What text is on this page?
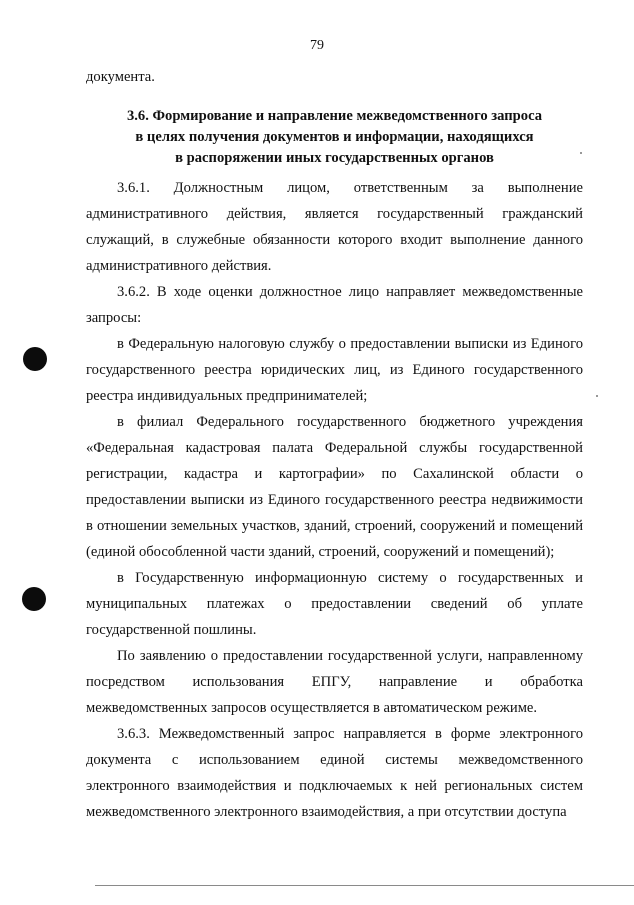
79

документа.

3.6. Формирование и направление межведомственного запроса
в целях получения документов и информации, находящихся
в распоряжении иных государственных органов

3.6.1. Должностным лицом, ответственным за выполнение административного действия, является государственный гражданский служащий, в служебные обязанности которого входит выполнение данного административного действия.

3.6.2. В ходе оценки должностное лицо направляет межведомственные запросы:

в Федеральную налоговую службу о предоставлении выписки из Единого государственного реестра юридических лиц, из Единого государственного реестра индивидуальных предпринимателей;

в филиал Федерального государственного бюджетного учреждения «Федеральная кадастровая палата Федеральной службы государственной регистрации, кадастра и картографии» по Сахалинской области о предоставлении выписки из Единого государственного реестра недвижимости в отношении земельных участков, зданий, строений, сооружений и помещений (единой обособленной части зданий, строений, сооружений и помещений);

в Государственную информационную систему о государственных и муниципальных платежах о предоставлении сведений об уплате государственной пошлины.

По заявлению о предоставлении государственной услуги, направленному посредством использования ЕПГУ, направление и обработка межведомственных запросов осуществляется в автоматическом режиме.

3.6.3. Межведомственный запрос направляется в форме электронного документа с использованием единой системы межведомственного электронного взаимодействия и подключаемых к ней региональных систем межведомственного электронного взаимодействия, а при отсутствии доступа
